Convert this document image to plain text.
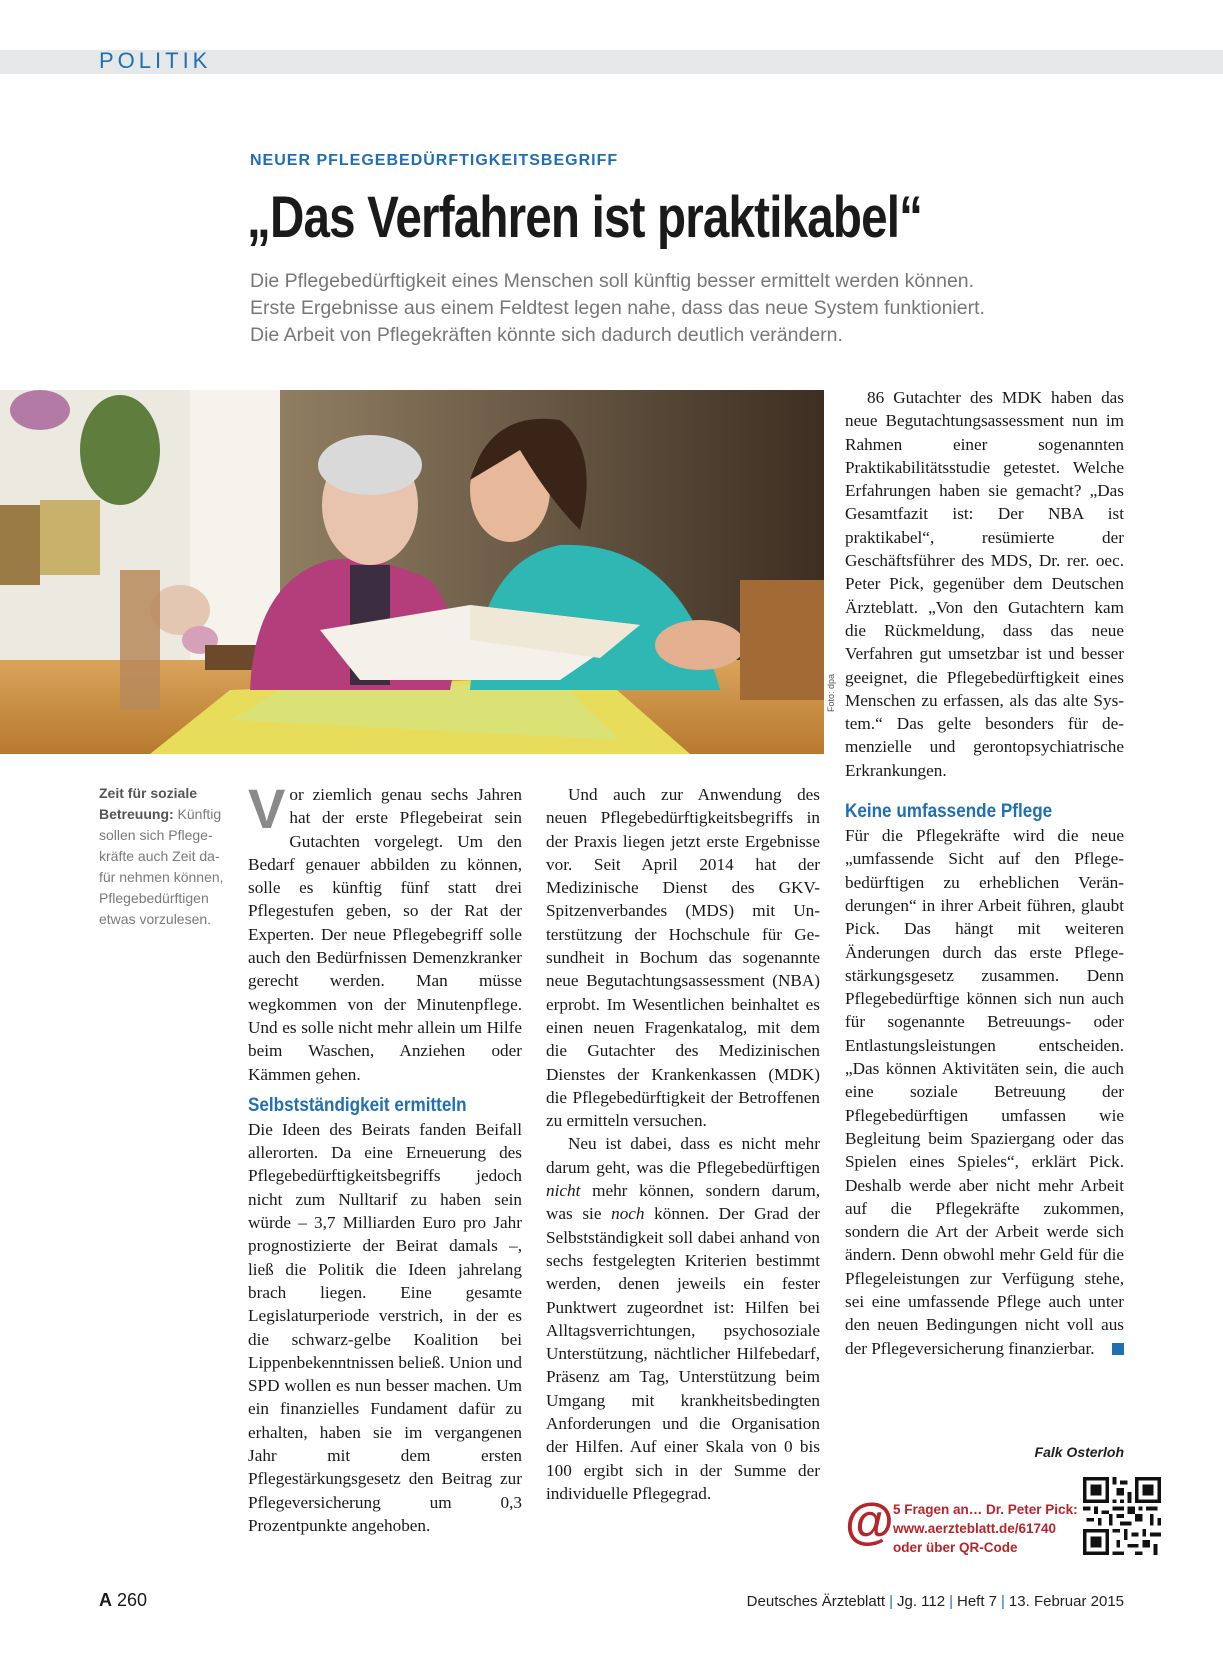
POLITIK
NEUER PFLEGEBEDÜRFTIGKEITSBEGRIFF
„Das Verfahren ist praktikabel“
Die Pflegebedürftigkeit eines Menschen soll künftig besser ermittelt werden können.
Erste Ergebnisse aus einem Feldtest legen nahe, dass das neue System funktioniert.
Die Arbeit von Pflegekräften könnte sich dadurch deutlich verändern.
Foto: dpa
Zeit für soziale Betreuung: Künftig sollen sich Pflegekräfte auch Zeit dafür nehmen können, Pflegebedürftigen etwas vorzulesen.

Vor ziemlich genau sechs Jahren hat der erste Pflegebeirat sein Gutachten vorgelegt. Um den Bedarf genauer abbilden zu können, solle es künftig fünf statt drei Pflegestufen geben, so der Rat der Experten. Der neue Pflegebegriff solle auch den Bedürfnissen Demenzkranker gerecht werden. Man müsse wegkommen von der Minutenpflege. Und es solle nicht mehr allein um Hilfe beim Waschen, Anziehen oder Kämmen gehen.

Selbstständigkeit ermitteln

Die Ideen des Beirats fanden Beifall allerorten. Da eine Erneuerung des Pflegebedürftigkeitsbegriffs jedoch nicht zum Nulltarif zu haben sein würde – 3,7 Milliarden Euro pro Jahr prognostizierte der Beirat damals –, ließ die Politik die Ideen jahrelang brach liegen. Eine gesamte Legislaturperiode verstrich, in der es die schwarz-gelbe Koalition bei Lippenbekenntnissen beließ. Union und SPD wollen es nun besser machen. Um ein finanzielles Fundament dafür zu erhalten, haben sie im vergangenen Jahr mit dem ersten Pflegestärkungsgesetz den Beitrag zur Pflegeversicherung um 0,3 Prozentpunkte angehoben.

Und auch zur Anwendung des neuen Pflegebedürftigkeitsbegriffs in der Praxis liegen jetzt erste Ergebnisse vor. Seit April 2014 hat der Medizinische Dienst des GKV-Spitzenverbandes (MDS) mit Unterstützung der Hochschule für Gesundheit in Bochum das sogenannte neue Begutachtungsassessment (NBA) erprobt. Im Wesentlichen beinhaltet es einen neuen Fragenkatalog, mit dem die Gutachter des Medizinischen Dienstes der Krankenkassen (MDK) die Pflegebedürftigkeit der Betroffenen zu ermitteln versuchen.

Neu ist dabei, dass es nicht mehr darum geht, was die Pflegebedürftigen nicht mehr können, sondern darum, was sie noch können. Der Grad der Selbstständigkeit soll dabei anhand von sechs festgelegten Kriterien bestimmt werden, denen jeweils ein fester Punktwert zugeordnet ist: Hilfen bei Alltagsverrichtungen, psychosoziale Unterstützung, nächtlicher Hilfebedarf, Präsenz am Tag, Unterstützung beim Umgang mit krankheitsbedingten Anforderungen und die Organisation der Hilfen. Auf einer Skala von 0 bis 100 ergibt sich in der Summe der individuelle Pflegegrad.

86 Gutachter des MDK haben das neue Begutachtungsassessment nun im Rahmen einer sogenannten Praktikabilitätsstudie getestet. Welche Erfahrungen haben sie gemacht? „Das Gesamtfazit ist: Der NBA ist praktikabel“, resümierte der Geschäftsführer des MDS, Dr. rer. oec. Peter Pick, gegenüber dem Deutschen Ärzteblatt. „Von den Gutachtern kam die Rückmeldung, dass das neue Verfahren gut umsetzbar ist und besser geeignet, die Pflegebedürftigkeit eines Menschen zu erfassen, als das alte System.“ Das gelte besonders für demenzielle und gerontopsychiatrische Erkrankungen.

Keine umfassende Pflege

Für die Pflegekräfte wird die neue „umfassende Sicht auf den Pflegebedürftigen zu erheblichen Veränderungen“ in ihrer Arbeit führen, glaubt Pick. Das hängt mit weiteren Änderungen durch das erste Pflegestärkungsgesetz zusammen. Denn Pflegebedürftige können sich nun auch für sogenannte Betreuungs- oder Entlastungsleistungen entscheiden. „Das können Aktivitäten sein, die auch eine soziale Betreuung der Pflegebedürftigen umfassen wie Begleitung beim Spaziergang oder das Spielen eines Spieles“, erklärt Pick. Deshalb werde aber nicht mehr Arbeit auf die Pflegekräfte zukommen, sondern die Art der Arbeit werde sich ändern. Denn obwohl mehr Geld für die Pflegeleistungen zur Verfügung stehe, sei eine umfassende Pflege auch unter den neuen Bedingungen nicht voll aus der Pflegeversicherung finanzierbar.

Falk Osterloh
@ 5 Fragen an… Dr. Peter Pick:
www.aerzteblatt.de/61740
oder über QR-Code
A 260	Deutsches Ärzteblatt | Jg. 112 | Heft 7 | 13. Februar 2015
